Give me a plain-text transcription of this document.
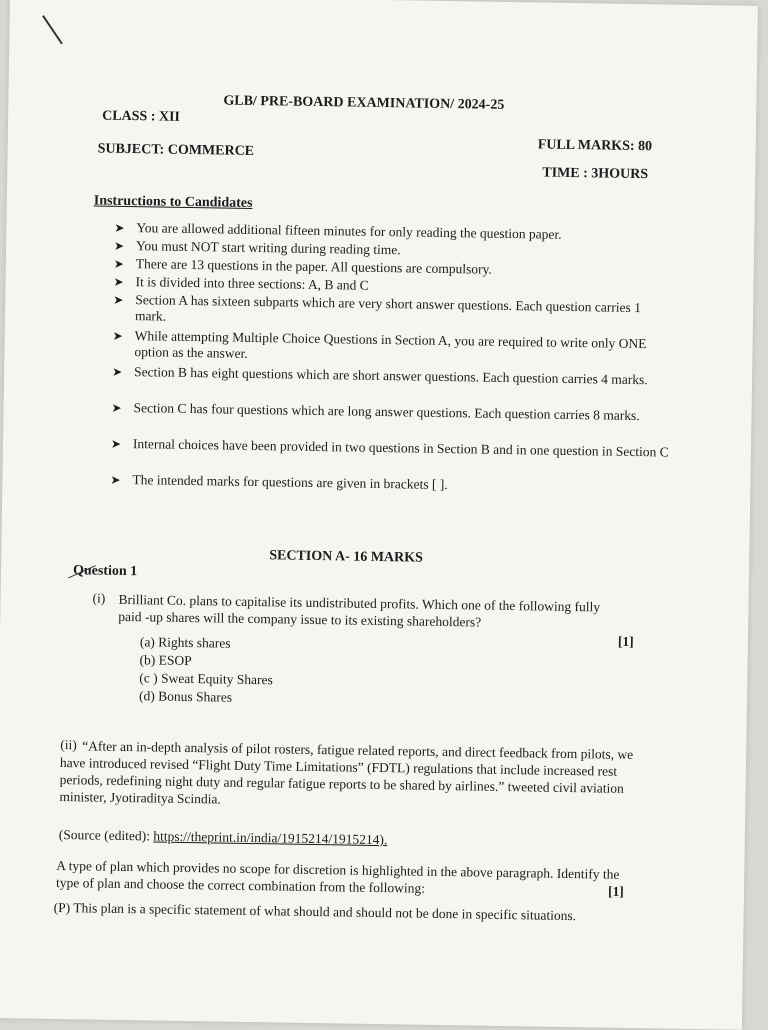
GLB/ PRE-BOARD EXAMINATION/ 2024-25
CLASS : XII
FULL MARKS: 80
SUBJECT: COMMERCE
TIME : 3HOURS
Instructions to Candidates
➤ You are allowed additional fifteen minutes for only reading the question paper.
➤ You must NOT start writing during reading time.
➤ There are 13 questions in the paper. All questions are compulsory.
➤ It is divided into three sections: A, B and C
➤ Section A has sixteen subparts which are very short answer questions. Each question carries 1 mark.
➤ While attempting Multiple Choice Questions in Section A, you are required to write only ONE option as the answer.
➤ Section B has eight questions which are short answer questions. Each question carries 4 marks.
➤ Section C has four questions which are long answer questions. Each question carries 8 marks.
➤ Internal choices have been provided in two questions in Section B and in one question in Section C
➤ The intended marks for questions are given in brackets [ ].
SECTION A- 16 MARKS
Question 1
(i) Brilliant Co. plans to capitalise its undistributed profits. Which one of the following fully paid -up shares will the company issue to its existing shareholders?
[1]
(a) Rights shares
(b) ESOP
(c ) Sweat Equity Shares
(d) Bonus Shares
(ii) “After an in-depth analysis of pilot rosters, fatigue related reports, and direct feedback from pilots, we have introduced revised “Flight Duty Time Limitations” (FDTL) regulations that include increased rest periods, redefining night duty and regular fatigue reports to be shared by airlines.” tweeted civil aviation minister, Jyotiraditya Scindia.
(Source (edited): https://theprint.in/india/1915214/1915214).
A type of plan which provides no scope for discretion is highlighted in the above paragraph. Identify the type of plan and choose the correct combination from the following:	[1]
(P) This plan is a specific statement of what should and should not be done in specific situations.
